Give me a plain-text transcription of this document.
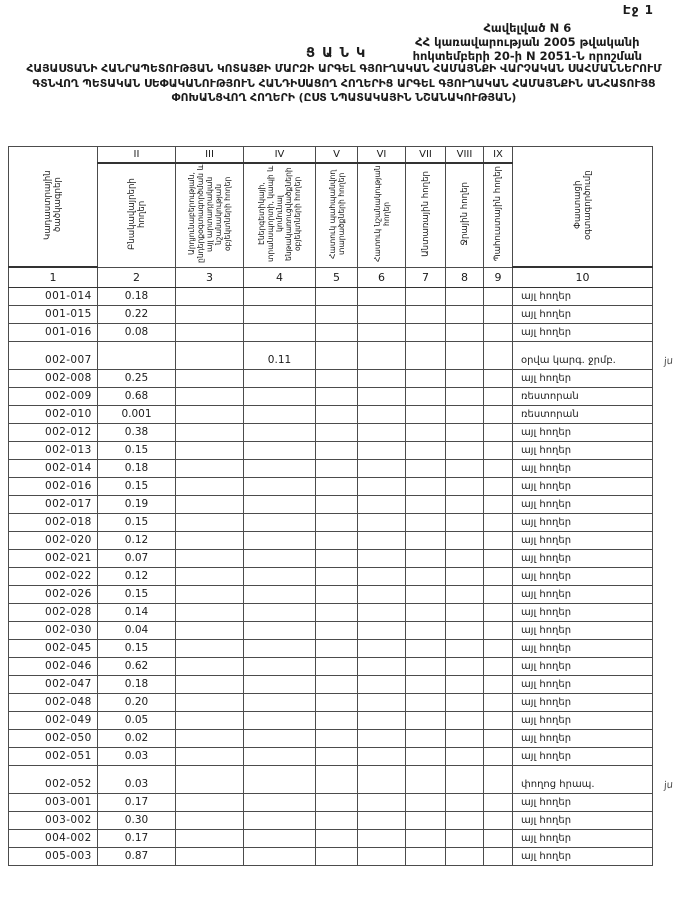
Էջ 1
Հավելված N 6
ՀՀ կառավարության 2005 թվականի
հոկտեմբերի 20-ի N 2051-Ն որոշման
ՑԱՆԿ
ՀԱՅԱՍՏԱՆԻ ՀԱՆՐԱՊԵՏՈՒԹՅԱՆ ԿՈՏԱՅՔԻ ՄԱՐԶԻ ԱՐԳԵԼ ԳՅՈՒՂԱԿԱՆ ՀԱՄԱՅՆՔԻ ՎԱՐՉԱԿԱՆ ՍԱՀՄԱՆՆԵՐՈՒՄ ԳՏՆՎՈՂ ՊԵՏԱԿԱՆ ՍԵՓԱԿԱՆՈՒԹՅՈՒՆ ՀԱՆԴԻՍԱՑՈՂ ՀՈՂԵՐԻՑ ԱՐԳԵԼ ԳՅՈՒՂԱԿԱՆ ՀԱՄԱՅՆՔԻՆ ԱՆՀԱՏՈՒՅՑ ՓՈԽԱՆՑՎՈՂ ՀՈՂԵՐԻ (ԸՍՏ ՆՊԱՏԱԿԱՅԻՆ ՆՇԱՆԱԿՈՒԹՅԱՆ)
Կադաստրային ծածկագրեր	II	III	IV	V	VI	VII	VIII	IX	Փաստացի օգտագործումը
	Բնակավայրերի հողեր	Արդյունաբերության, ընդերքօգտագործման և այլ արտադրական նշանակության օբյեկտների հողեր	Էներգետիկայի, տրանսպորտի, կապի և կոմունալ ենթակառուցվածքների օբյեկտների հողեր	Հատուկ պահպանվող տարածքների հողեր	Հատուկ նշանակության հողեր	Անտառային հողեր	Ջրային հողեր	Պահուստային հողեր	
1	2	3	4	5	6	7	8	9	10
001-014	0.18								այլ հողեր
001-015	0.22								այլ հողեր
001-016	0.08								այլ հողեր
002-007			0.11						օրվա կարգ. ջրմբ. ju

002-008	0.25								այլ հողեր
002-009	0.68								ռեստորան
002-010	0.001								ռեստորան
002-012	0.38								այլ հողեր
002-013	0.15								այլ հողեր
002-014	0.18								այլ հողեր
002-016	0.15								այլ հողեր
002-017	0.19								այլ հողեր
002-018	0.15								այլ հողեր
002-020	0.12								այլ հողեր
002-021	0.07								այլ հողեր
002-022	0.12								այլ հողեր
002-026	0.15								այլ հողեր
002-028	0.14								այլ հողեր
002-030	0.04								այլ հողեր
002-045	0.15								այլ հողեր
002-046	0.62								այլ հողեր
002-047	0.18								այլ հողեր
002-048	0.20								այլ հողեր
002-049	0.05								այլ հողեր
002-050	0.02								այլ հողեր
002-051	0.03								այլ հողեր
002-052	0.03								փողոց հրապ. ju

003-001	0.17								այլ հողեր
003-002	0.30								այլ հողեր
004-002	0.17								այլ հողեր
005-003	0.87								այլ հողեր
